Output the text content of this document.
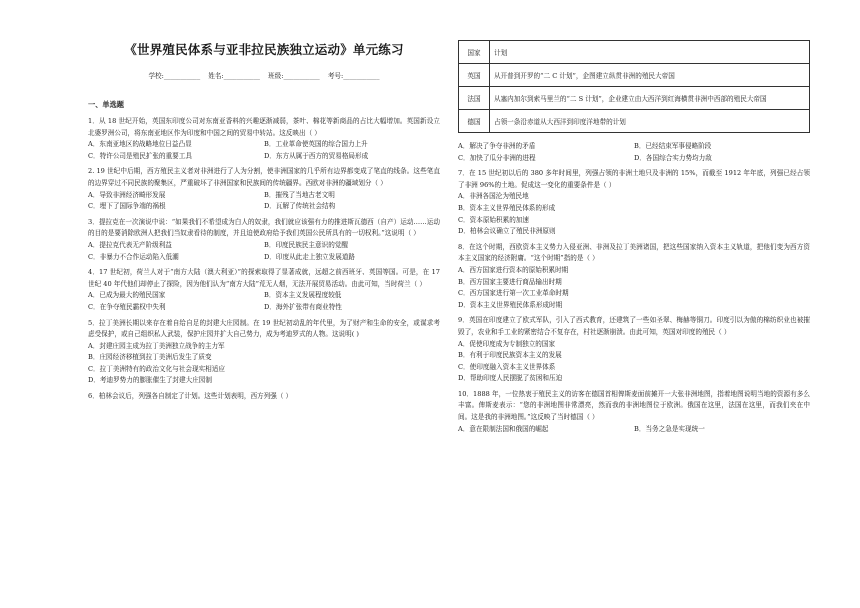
《世界殖民体系与亚非拉民族独立运动》单元练习
学校:___________ 姓名:___________ 班级:___________ 考号:___________
一、单选题

1．从 18 世纪开始，英国东印度公司对东南亚香料的兴趣逐渐减弱，茶叶、棉花等新商品的占比大幅增加。英国新设立北婆罗洲公司，将东南亚地区作为印度和中国之间的贸易中转站。这反映出（ ）

A．东南亚地区的战略地位日益凸显	B．工业革命使英国的综合国力上升
C．特许公司是殖民扩张的重要工具	D．东方从属于西方的贸易格局形成

2. 19 世纪中后期，西方殖民主义者对非洲进行了人为分割，使非洲国家的几乎所有边界都变成了笔直的线条。这些笔直的边界穿过不同民族的聚集区，严重破坏了非洲国家和民族间的传统疆界。西欧对非洲的疆域划分（ ）

A．导致非洲经济畸形发展	B．摧残了当地古老文明
C．埋下了国际争端的祸根	D．瓦解了传统社会结构

3．提拉克在一次演说中说：“如果我们不希望成为白人的奴隶，我们就应该强有力的推进斯瓦德西（自产）运动……运动的目的是要消除欧洲人把我们当奴隶看待的制度，并且迫使政府给予我们英国公民所具有的一切权利。”这说明（ ）

A．提拉克代表无产阶级利益	B．印度民族民主意识的觉醒
C．非暴力不合作运动陷入低潮	D．印度从此走上独立发展道路

4．17 世纪初，荷兰人对于“南方大陆（澳大利亚）”的探索取得了显著成就，远超之前西班牙、英国等国。可是，在 17 世纪 40 年代他们却停止了探险，因为他们认为“南方大陆”荒无人烟，无法开展贸易活动。由此可知，当时荷兰（ ）

A．已成为最大的殖民国家	B．资本主义发展程度较低
C．在争夺殖民霸权中失利	D．海外扩张带有商业特性

5．拉丁美洲长期以来存在着自给自足的封建大庄园制。在 19 世纪初动乱的年代里，为了财产和生命的安全，或谋求考虑受保护，或自己组织私人武装，保护庄园并扩大自己势力，成为考迪罗式的人物。这说明( )

A．封建庄园主成为拉丁美洲独立战争的主力军
B．庄园经济移植到拉丁美洲后发生了质变
C．拉丁美洲特有的政治文化与社会现实相适应
D．考迪罗势力的膨胀催生了封建大庄园制

6．柏林会议后，列强各自制定了计划。这些计划表明，西方列强（ ）

国家	计划
英国	从开普到开罗的“二 C 计划”，企图建立纵贯非洲的殖民大帝国
法国	从塞内加尔到索马里兰的“二 S 计划”，企业建立由大西洋到红海横贯非洲中西部的殖民大帝国
德国	占领一条沿赤道从大西洋到印度洋地带的计划
A．解决了争夺非洲的矛盾	B．已经结束军事侵略阶段
C．加快了瓜分非洲的进程	D．各国综合实力势均力敌

7．在 15 世纪初以后的 380 多年时间里，列强占领的非洲土地只及非洲的 15%，而截至 1912 年年底，列强已经占领了非洲 96%的土地。促成这一变化的重要条件是（ ）

A．非洲各国沦为殖民地
B．资本主义世界殖民体系的形成
C．资本原始积累的加速
D．柏林会议确立了殖民非洲原则

8．在这个时期，西欧资本主义势力入侵亚洲、非洲及拉丁美洲诸国，把这些国家纳入资本主义轨道，把他们变为西方资本主义国家的经济附庸。“这个时期”指的是（ ）

A．西方国家进行资本的原始积累时期
B．西方国家主要进行商品输出时期
C．西方国家进行第一次工业革命时期
D．资本主义世界殖民体系形成时期

9．英国在印度建立了欧式军队，引入了西式教育，还建筑了一些如圣翠、梅赫等铜刀。印度引以为傲的棉纺织业也被摧毁了，农业和手工业的紧密结合不复存在，村社逐渐崩溃。由此可知，英国对印度的殖民（ ）

A．促使印度成为专制独立的国家
B．有利于印度民族资本主义的发展
C．使印度融入资本主义世界体系
D．帮助印度人民摆脱了贫困和压迫

10．1888 年，一位热衷于殖民主义的访客在德国首相俾斯麦面前摊开一大张非洲地图，指着地图说明当地的资源有多么丰富。俾斯麦表示：“您的非洲地图非常漂亮，然而我的非洲地图位于欧洲。俄国在这里，法国在这里，而我们夹在中间。这是我的非洲地图。”这反映了当时德国（ ）

A．意在限制法国和俄国的崛起	B．当务之急是实现统一
